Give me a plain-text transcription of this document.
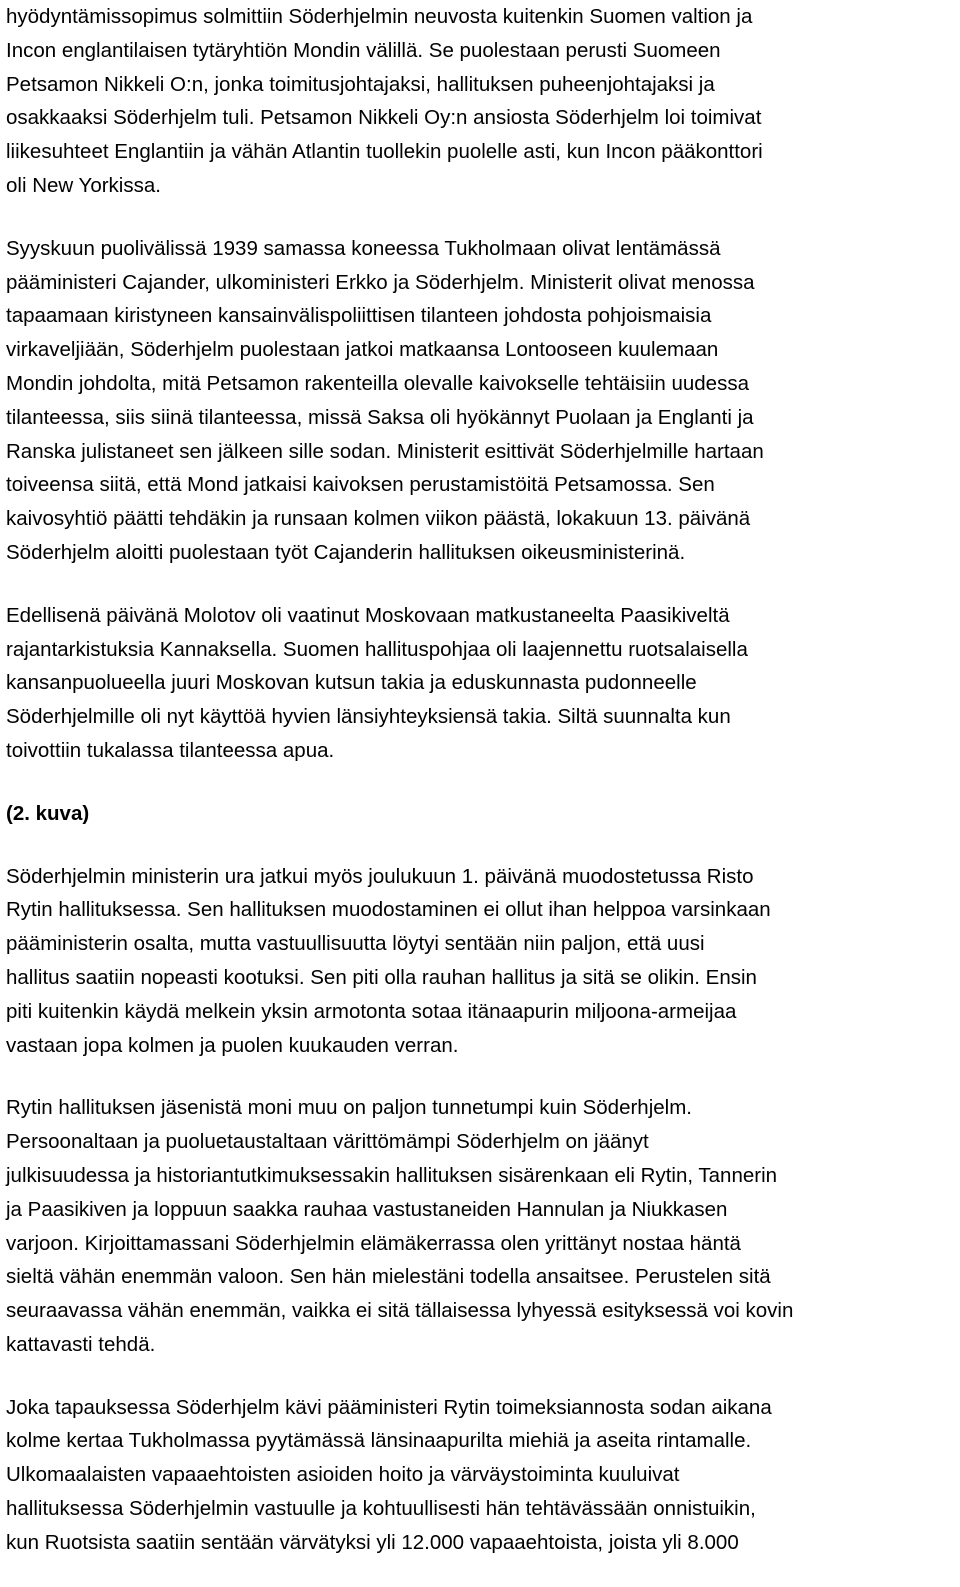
hyödyntämissopimus solmittiin Söderhjelmin neuvosta kuitenkin Suomen valtion ja
Incon englantilaisen tytäryhtiön Mondin välillä. Se puolestaan perusti Suomeen
Petsamon Nikkeli O:n, jonka toimitusjohtajaksi, hallituksen puheenjohtajaksi ja
osakkaaksi Söderhjelm tuli. Petsamon Nikkeli Oy:n ansiosta Söderhjelm loi toimivat
liikesuhteet Englantiin ja vähän Atlantin tuollekin puolelle asti, kun Incon pääkonttori
oli New Yorkissa.

Syyskuun puolivälissä 1939 samassa koneessa Tukholmaan olivat lentämässä
pääministeri Cajander, ulkoministeri Erkko ja Söderhjelm. Ministerit olivat menossa
tapaamaan kiristyneen kansainvälispoliittisen tilanteen johdosta pohjoismaisia
virkaveljiään, Söderhjelm puolestaan jatkoi matkaansa Lontooseen kuulemaan
Mondin johdolta, mitä Petsamon rakenteilla olevalle kaivokselle tehtäisiin uudessa
tilanteessa, siis siinä tilanteessa, missä Saksa oli hyökännyt Puolaan ja Englanti ja
Ranska julistaneet sen jälkeen sille sodan. Ministerit esittivät Söderhjelmille hartaan
toiveensa siitä, että Mond jatkaisi kaivoksen perustamistöitä Petsamossa. Sen
kaivosyhtiö päätti tehdäkin ja runsaan kolmen viikon päästä, lokakuun 13. päivänä
Söderhjelm aloitti puolestaan työt Cajanderin hallituksen oikeusministerinä.

Edellisenä päivänä Molotov oli vaatinut Moskovaan matkustaneelta Paasikiveltä
rajantarkistuksia Kannaksella. Suomen hallituspohjaa oli laajennettu ruotsalaisella
kansanpuolueella juuri Moskovan kutsun takia ja eduskunnasta pudonneelle
Söderhjelmille oli nyt käyttöä hyvien länsiyhteyksiensä takia. Siltä suunnalta kun
toivottiin tukalassa tilanteessa apua.

(2. kuva)

Söderhjelmin ministerin ura jatkui myös joulukuun 1. päivänä muodostetussa Risto
Rytin hallituksessa. Sen hallituksen muodostaminen ei ollut ihan helppoa varsinkaan
pääministerin osalta, mutta vastuullisuutta löytyi sentään niin paljon, että uusi
hallitus saatiin nopeasti kootuksi. Sen piti olla rauhan hallitus ja sitä se olikin. Ensin
piti kuitenkin käydä melkein yksin armotonta sotaa itänaapurin miljoona-armeijaa
vastaan jopa kolmen ja puolen kuukauden verran.

Rytin hallituksen jäsenistä moni muu on paljon tunnetumpi kuin Söderhjelm.
Persoonaltaan ja puoluetaustaltaan värittömämpi Söderhjelm on jäänyt
julkisuudessa ja historiantutkimuksessakin hallituksen sisärenkaan eli Rytin, Tannerin
ja Paasikiven ja loppuun saakka rauhaa vastustaneiden Hannulan ja Niukkasen
varjoon. Kirjoittamassani Söderhjelmin elämäkerrassa olen yrittänyt nostaa häntä
sieltä vähän enemmän valoon. Sen hän mielestäni todella ansaitsee. Perustelen sitä
seuraavassa vähän enemmän, vaikka ei sitä tällaisessa lyhyessä esityksessä voi kovin
kattavasti tehdä.

Joka tapauksessa Söderhjelm kävi pääministeri Rytin toimeksiannosta sodan aikana
kolme kertaa Tukholmassa pyytämässä länsinaapurilta miehiä ja aseita rintamalle.
Ulkomaalaisten vapaaehtoisten asioiden hoito ja värväystoiminta kuuluivat
hallituksessa Söderhjelmin vastuulle ja kohtuullisesti hän tehtävässään onnistuikin,
kun Ruotsista saatiin sentään värvätyksi yli 12.000 vapaaehtoista, joista yli 8.000
